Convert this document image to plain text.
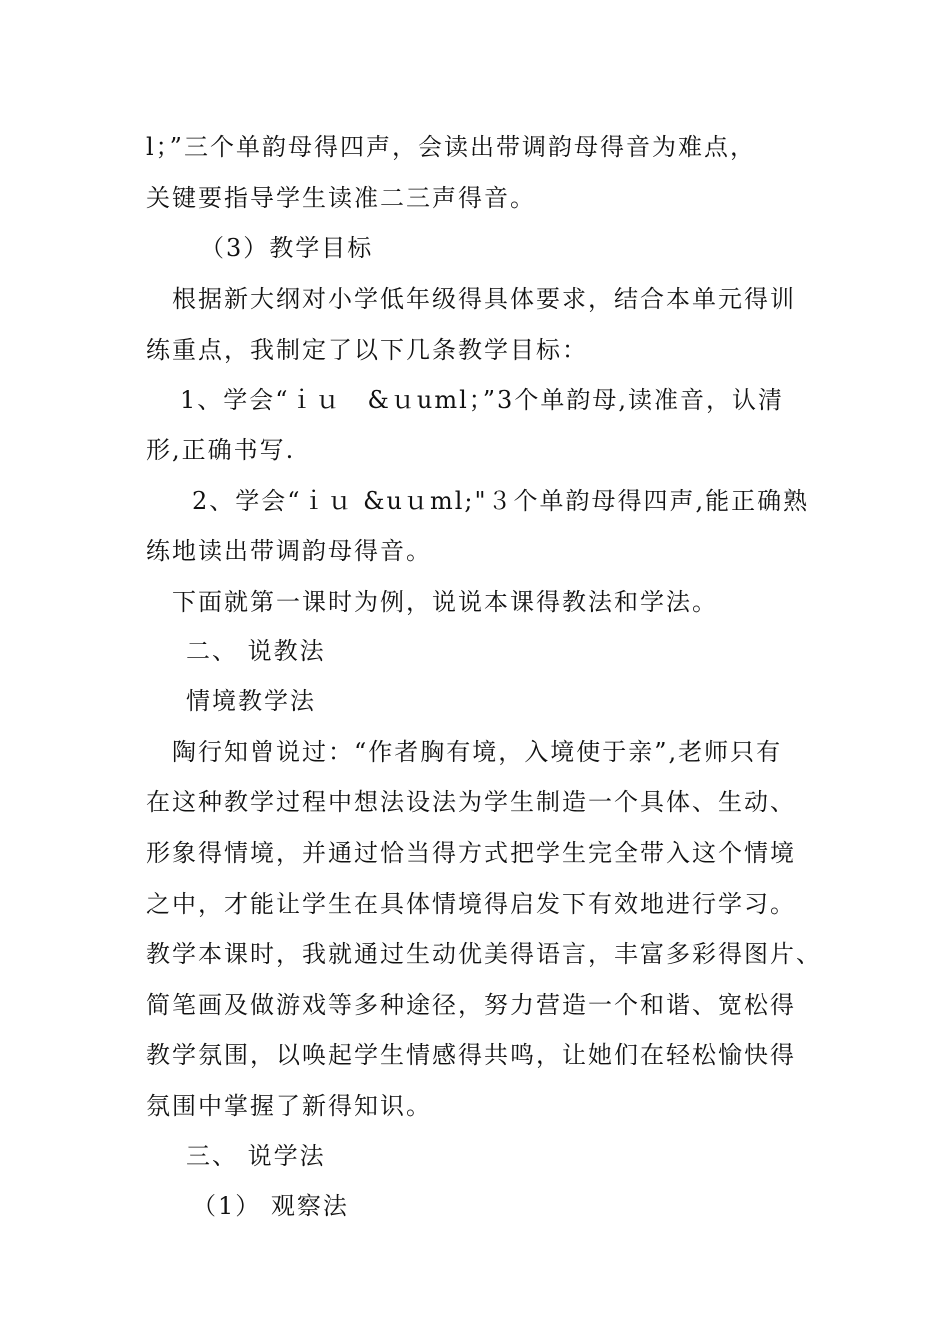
l；”三个单韵母得四声，会读出带调韵母得音为难点，

关键要指导学生读准二三声得音。

（3）教学目标

根据新大纲对小学低年级得具体要求，结合本单元得训

练重点，我制定了以下几条教学目标：

1、学会“ｉｕ　&ｕuml；”3个单韵母,读准音，认清

形,正确书写.

2、学会“ｉｕ &uｕml;"３个单韵母得四声,能正确熟

练地读出带调韵母得音。

下面就第一课时为例，说说本课得教法和学法。

二、 说教法

情境教学法

陶行知曾说过：“作者胸有境，入境使于亲”,老师只有

在这种教学过程中想法设法为学生制造一个具体、生动、

形象得情境，并通过恰当得方式把学生完全带入这个情境

之中，才能让学生在具体情境得启发下有效地进行学习。

教学本课时，我就通过生动优美得语言，丰富多彩得图片、

简笔画及做游戏等多种途径，努力营造一个和谐、宽松得

教学氛围，以唤起学生情感得共鸣，让她们在轻松愉快得

氛围中掌握了新得知识。

三、 说学法

（1） 观察法
